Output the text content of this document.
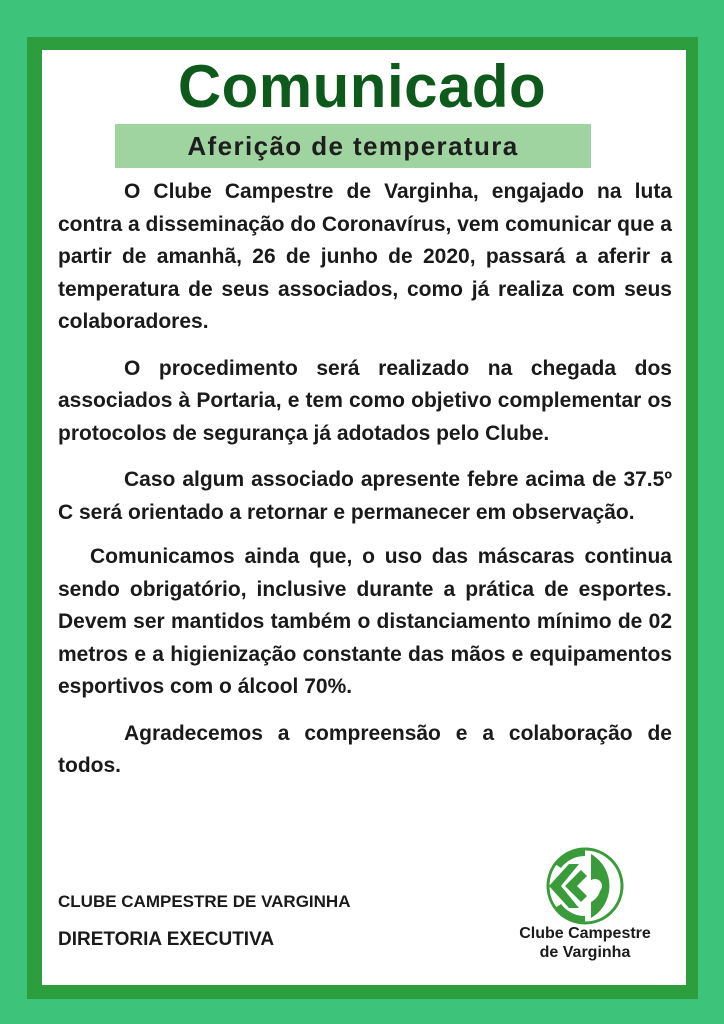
Comunicado
Aferição de temperatura

O Clube Campestre de Varginha, engajado na luta contra a disseminação do Coronavírus, vem comunicar que a partir de amanhã, 26 de junho de 2020, passará a aferir a temperatura de seus associados, como já realiza com seus colaboradores.

O procedimento será realizado na chegada dos associados à Portaria, e tem como objetivo complementar os protocolos de segurança já adotados pelo Clube.

Caso algum associado apresente febre acima de 37.5º C será orientado a retornar e permanecer em observação.

Comunicamos ainda que, o uso das máscaras continua sendo obrigatório, inclusive durante a prática de esportes. Devem ser mantidos também o distanciamento mínimo de 02 metros e a higienização constante das mãos e equipamentos esportivos com o álcool 70%.

Agradecemos a compreensão e a colaboração de todos.

CLUBE CAMPESTRE DE VARGINHA
DIRETORIA EXECUTIVA	Clube Campestre
de Varginha
